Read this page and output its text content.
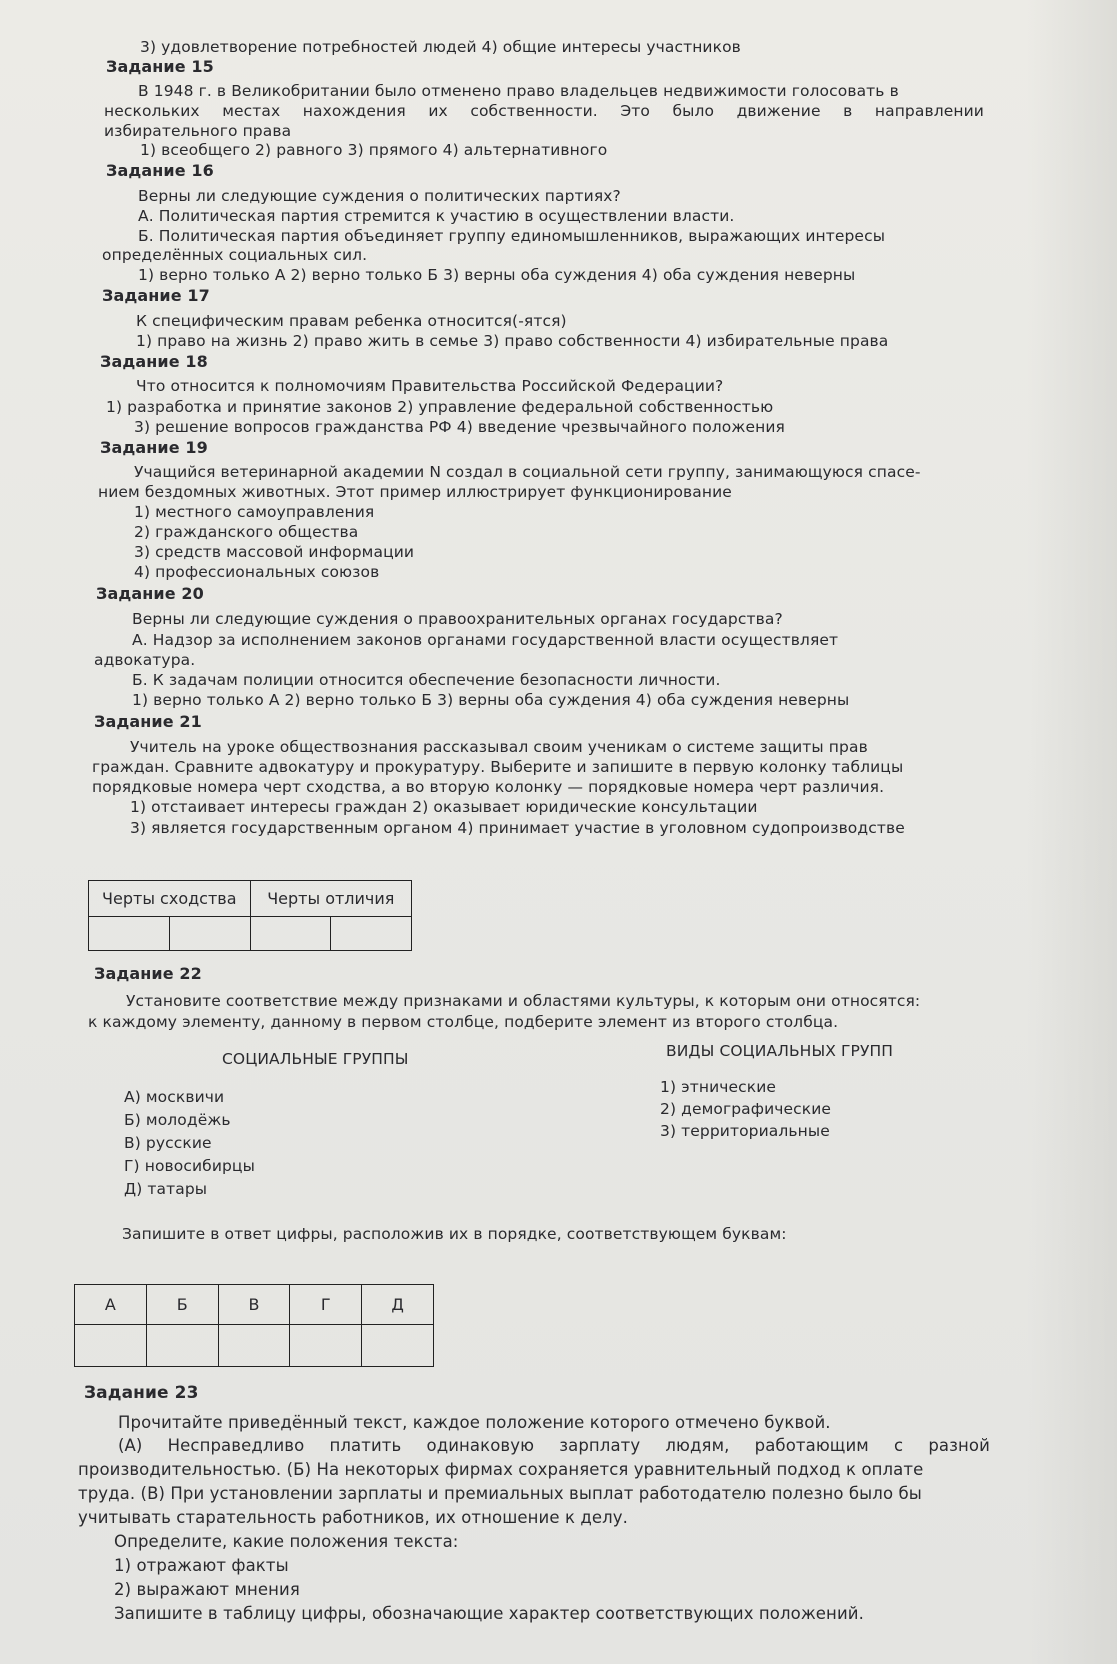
3) удовлетворение потребностей людей 4) общие интересы участников
Задание 15
В 1948 г. в Великобритании было отменено право владельцев недвижимости голосовать в
нескольких местах нахождения их собственности. Это было движение в направлении
избирательного права
1) всеобщего 2) равного 3) прямого 4) альтернативного
Задание 16
Верны ли следующие суждения о политических партиях?
А. Политическая партия стремится к участию в осуществлении власти.
Б. Политическая партия объединяет группу единомышленников, выражающих интересы
определённых социальных сил.
1) верно только А 2) верно только Б 3) верны оба суждения 4) оба суждения неверны
Задание 17
К специфическим правам ребенка относится(-ятся)
1) право на жизнь 2) право жить в семье 3) право собственности 4) избирательные права
Задание 18
Что относится к полномочиям Правительства Российской Федерации?
1) разработка и принятие законов 2) управление федеральной собственностью
3) решение вопросов гражданства РФ 4) введение чрезвычайного положения
Задание 19
Учащийся ветеринарной академии N создал в социальной сети группу, занимающуюся спасе-
нием бездомных животных. Этот пример иллюстрирует функционирование
1) местного самоуправления
2) гражданского общества
3) средств массовой информации
4) профессиональных союзов
Задание 20
Верны ли следующие суждения о правоохранительных органах государства?
А. Надзор за исполнением законов органами государственной власти осуществляет
адвокатура.
Б. К задачам полиции относится обеспечение безопасности личности.
1) верно только А 2) верно только Б 3) верны оба суждения 4) оба суждения неверны
Задание 21
Учитель на уроке обществознания рассказывал своим ученикам о системе защиты прав
граждан. Сравните адвокатуру и прокуратуру. Выберите и запишите в первую колонку таблицы
порядковые номера черт сходства, а во вторую колонку — порядковые номера черт различия.
1) отстаивает интересы граждан 2) оказывает юридические консультации
3) является государственным органом 4) принимает участие в уголовном судопроизводстве
Черты сходства		Черты отличия	

Задание 22
Установите соответствие между признаками и областями культуры, к которым они относятся:
к каждому элементу, данному в первом столбце, подберите элемент из второго столбца.
СОЦИАЛЬНЫЕ ГРУППЫ	ВИДЫ СОЦИАЛЬНЫХ ГРУПП
А) москвичи
Б) молодёжь
В) русские
Г) новосибирцы
Д) татары
1) этнические
2) демографические
3) территориальные
Запишите в ответ цифры, расположив их в порядке, соответствующем буквам:
А	Б	В	Г	Д

Задание 23
Прочитайте приведённый текст, каждое положение которого отмечено буквой.
(А) Несправедливо платить одинаковую зарплату людям, работающим с разной
производительностью. (Б) На некоторых фирмах сохраняется уравнительный подход к оплате
труда. (В) При установлении зарплаты и премиальных выплат работодателю полезно было бы
учитывать старательность работников, их отношение к делу.
Определите, какие положения текста:
1) отражают факты
2) выражают мнения
Запишите в таблицу цифры, обозначающие характер соответствующих положений.
